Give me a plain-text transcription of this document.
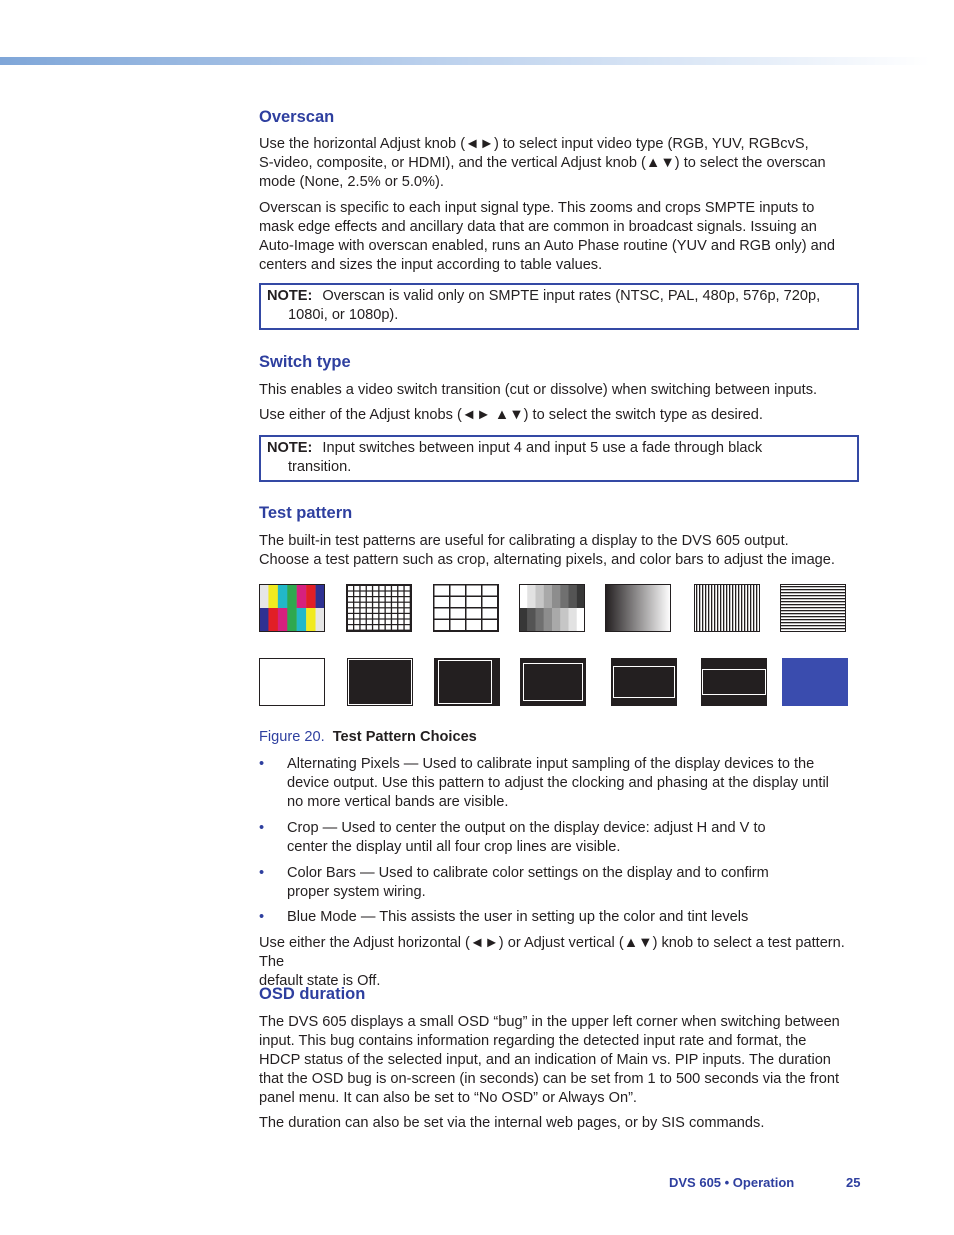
Overscan
Use the horizontal Adjust knob (◄►) to select input video type (RGB, YUV, RGBcvS,
S-video, composite, or HDMI), and the vertical Adjust knob (▲▼) to select the overscan
mode (None, 2.5% or 5.0%).
Overscan is specific to each input signal type. This zooms and crops SMPTE inputs to
mask edge effects and ancillary data that are common in broadcast signals. Issuing an
Auto-Image with overscan enabled, runs an Auto Phase routine (YUV and RGB only) and
centers and sizes the input according to table values.
NOTE: Overscan is valid only on SMPTE input rates (NTSC, PAL, 480p, 576p, 720p,
1080i, or 1080p).
Switch type
This enables a video switch transition (cut or dissolve) when switching between inputs.
Use either of the Adjust knobs (◄► ▲▼) to select the switch type as desired.
NOTE: Input switches between input 4 and input 5 use a fade through black
transition.
Test pattern
The built-in test patterns are useful for calibrating a display to the DVS 605 output.
Choose a test pattern such as crop, alternating pixels, and color bars to adjust the image.
Figure 20. Test Pattern Choices
•	Alternating Pixels — Used to calibrate input sampling of the display devices to the
device output. Use this pattern to adjust the clocking and phasing at the display until
no more vertical bands are visible.
•	Crop — Used to center the output on the display device: adjust H and V to
center the display until all four crop lines are visible.
•	Color Bars — Used to calibrate color settings on the display and to confirm
proper system wiring.
•	Blue Mode — This assists the user in setting up the color and tint levels
Use either the Adjust horizontal (◄►) or Adjust vertical (▲▼) knob to select a test pattern. The
default state is Off.
OSD duration
The DVS 605 displays a small OSD “bug” in the upper left corner when switching between
input. This bug contains information regarding the detected input rate and format, the
HDCP status of the selected input, and an indication of Main vs. PIP inputs. The duration
that the OSD bug is on-screen (in seconds) can be set from 1 to 500 seconds via the front
panel menu. It can also be set to “No OSD” or Always On”.
The duration can also be set via the internal web pages, or by SIS commands.
DVS 605 • Operation	25
